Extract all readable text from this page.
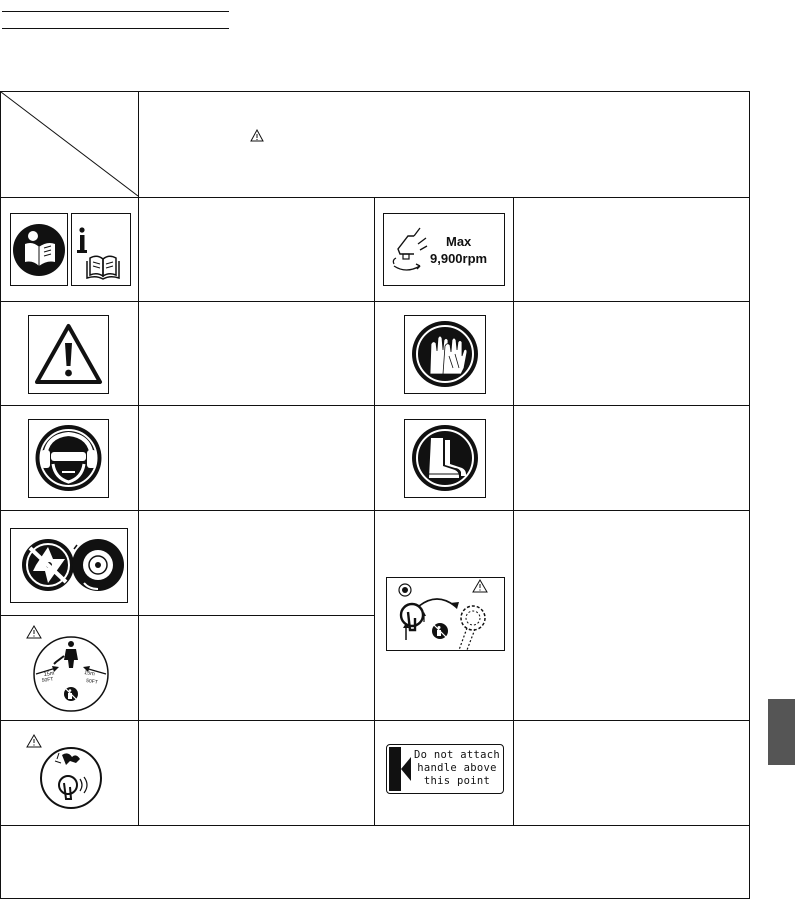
Max
9,900rpm
15m	15m
50FT	50FT
Do not attach
handle above
this point
